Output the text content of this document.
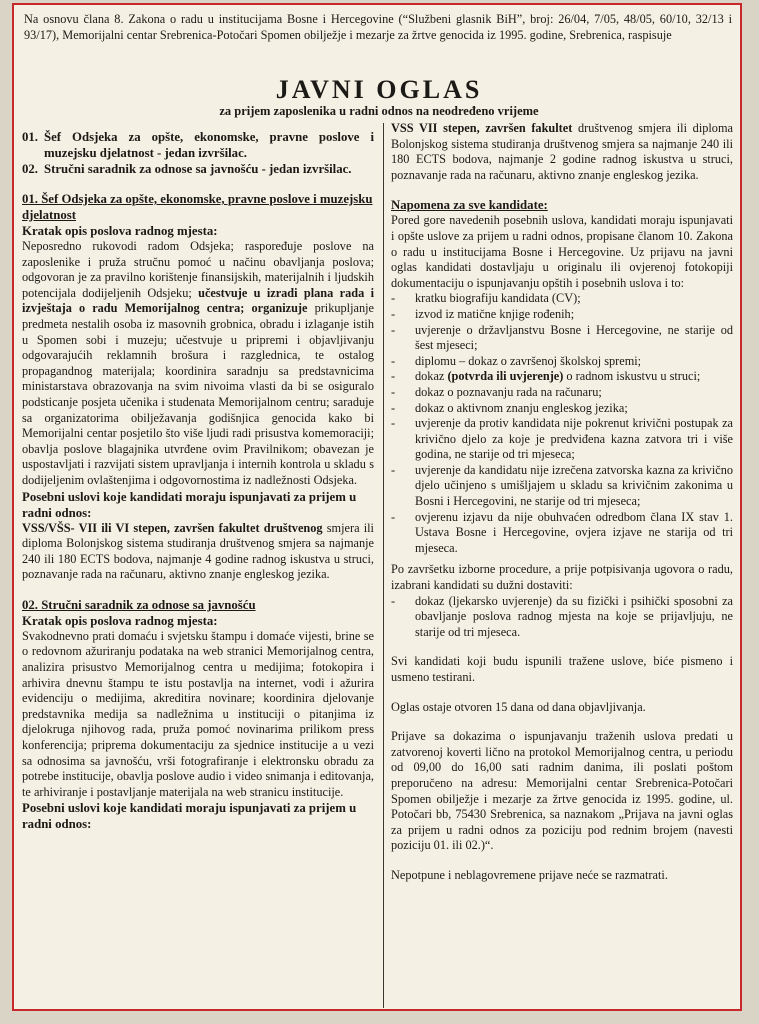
Na osnovu člana 8. Zakona o radu u institucijama Bosne i Hercegovine (“Službeni glasnik BiH”, broj: 26/04, 7/05, 48/05, 60/10, 32/13 i 93/17), Memorijalni centar Srebrenica-Potočari Spomen obilježje i mezarje za žrtve genocida iz 1995. godine, Srebrenica, raspisuje

JAVNI OGLAS
za prijem zaposlenika u radni odnos na neodređeno vrijeme
01. Šef Odsjeka za opšte, ekonomske, pravne poslove i muzejsku djelatnost - jedan izvršilac.
02. Stručni saradnik za odnose sa javnošću - jedan izvršilac.
01. Šef Odsjeka za opšte, ekonomske, pravne poslove i muzejsku djelatnost
Kratak opis poslova radnog mjesta:

Neposredno rukovodi radom Odsjeka; raspoređuje poslove na zaposlenike i pruža stručnu pomoć u načinu obavljanja poslova; odgovoran je za pravilno korištenje finansijskih, materijalnih i ljudskih potencijala dodijeljenih Odsjeku; učestvuje u izradi plana rada i izvještaja o radu Memorijalnog centra; organizuje prikupljanje predmeta nestalih osoba iz masovnih grobnica, obradu i izlaganje istih u Spomen sobi i muzeju; učestvuje u pripremi i objavljivanju odgovarajućih reklamnih brošura i razglednica, te ostalog propagandnog materijala; koordinira saradnju sa predstavnicima ministarstava obrazovanja na svim nivoima vlasti da bi se osiguralo podsticanje posjeta učenika i studenata Memorijalnom centru; saraduje sa organizatorima obilježavanja godišnjica genocida kako bi Memorijalni centar posjetilo što više ljudi radi prisustva komemoraciji; obavlja poslove blagajnika utvrđene ovim Pravilnikom; obavezan je uspostavljati i razvijati sistem upravljanja i internih kontrola u skladu s dodijeljenim ovlaštenjima i odgovornostima iz nadležnosti Odsjeka.

Posebni uslovi koje kandidati moraju ispunjavati za prijem u radni odnos:

VSS/VŠS- VII ili VI stepen, završen fakultet društvenog smjera ili diploma Bolonjskog sistema studiranja društvenog smjera sa najmanje 240 ili 180 ECTS bodova, najmanje 4 godine radnog iskustva u struci, poznavanje rada na računaru, aktivno znanje engleskog jezika.

02. Stručni saradnik za odnose sa javnošću
Kratak opis poslova radnog mjesta:

Svakodnevno prati domaću i svjetsku štampu i domaće vijesti, brine se o redovnom ažuriranju podataka na web stranici Memorijalnog centra, analizira prisustvo Memorijalnog centra u medijima; fotokopira i arhivira dnevnu štampu te istu postavlja na internet, vodi i ažurira evidenciju o medijima, akreditira novinare; koordinira djelovanje predstavnika medija sa nadležnima u instituciji o pitanjima iz djelokruga njihovog rada, pruža pomoć novinarima prilikom press konferencija; priprema dokumentaciju za sjednice institucije a u vezi sa odnosima sa javnošću, vrši fotografiranje i elektronsku obradu za potrebe institucije, obavlja poslove audio i video snimanja i editovanja, te arhiviranje i postavljanje materijala na web stranicu institucije.

Posebni uslovi koje kandidati moraju ispunjavati za prijem u radni odnos:

VSS VII stepen, završen fakultet društvenog smjera ili diploma Bolonjskog sistema studiranja društvenog smjera sa najmanje 240 ili 180 ECTS bodova, najmanje 2 godine radnog iskustva u struci, poznavanje rada na računaru, aktivno znanje engleskog jezika.

Napomena za sve kandidate:

Pored gore navedenih posebnih uslova, kandidati moraju ispunjavati i opšte uslove za prijem u radni odnos, propisane članom 10. Zakona o radu u institucijama Bosne i Hercegovine. Uz prijavu na javni oglas kandidati dostavljaju u originalu ili ovjerenoj fotokopiji dokumentaciju o ispunjavanju opštih i posebnih uslova i to:

-	kratku biografiju kandidata (CV);
-	izvod iz matične knjige rođenih;
-	uvjerenje o državljanstvu Bosne i Hercegovine, ne starije od šest mjeseci;
-	diplomu – dokaz o završenoj školskoj spremi;
-	dokaz (potvrda ili uvjerenje) o radnom iskustvu u struci;
-	dokaz o poznavanju rada na računaru;
-	dokaz o aktivnom znanju engleskog jezika;
-	uvjerenje da protiv kandidata nije pokrenut krivični postupak za krivično djelo za koje je predviđena kazna zatvora tri i više godina, ne starije od tri mjeseca;
-	uvjerenje da kandidatu nije izrečena zatvorska kazna za krivično djelo učinjeno s umišljajem u skladu sa krivičnim zakonima u Bosni i Hercegovini, ne starije od tri mjeseca;
-	ovjerenu izjavu da nije obuhvaćen odredbom člana IX stav 1. Ustava Bosne i Hercegovine, ovjera izjave ne starija od tri mjeseca.

Po završetku izborne procedure, a prije potpisivanja ugovora o radu, izabrani kandidati su dužni dostaviti:

-	dokaz (ljekarsko uvjerenje) da su fizički i psihički sposobni za obavljanje poslova radnog mjesta na koje se prijavljuju, ne starije od tri mjeseca.

Svi kandidati koji budu ispunili tražene uslove, biće pismeno i usmeno testirani.

Oglas ostaje otvoren 15 dana od dana objavljivanja.

Prijave sa dokazima o ispunjavanju traženih uslova predati u zatvorenoj koverti lično na protokol Memorijalnog centra, u periodu od 09,00 do 16,00 sati radnim danima, ili poslati poštom preporučeno na adresu: Memorijalni centar Srebrenica-Potočari Spomen obilježje i mezarje za žrtve genocida iz 1995. godine, ul. Potočari bb, 75430 Srebrenica, sa naznakom „Prijava na javni oglas za prijem u radni odnos za poziciju pod rednim brojem (navesti poziciju 01. ili 02.)“.

Nepotpune i neblagovremene prijave neće se razmatrati.
